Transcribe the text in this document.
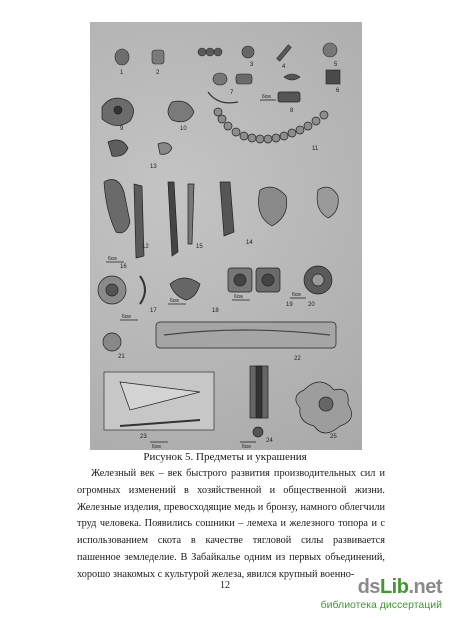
1	2
3	4	5
6
7
8
9	10
11
12
13
14
15
16
17	18
19	20
21	22
23
24
25
6см
6см
6см
6см
6см	6см
6см	6см
Рисунок 5. Предметы и украшения

Железный век – век быстрого развития производительных сил и огромных изменений в хозяйственной и общественной жизни. Железные изделия, превосходящие медь и бронзу, намного облегчили труд человека. Появились сошники – лемеха и железного топора и с использованием скота в качестве тягловой силы развивается пашенное земледелие. В Забайкалье одним из первых объединений, хорошо знакомых с культурой железа, явился крупный военно-

12	dsLib.net
библиотека диссертаций
